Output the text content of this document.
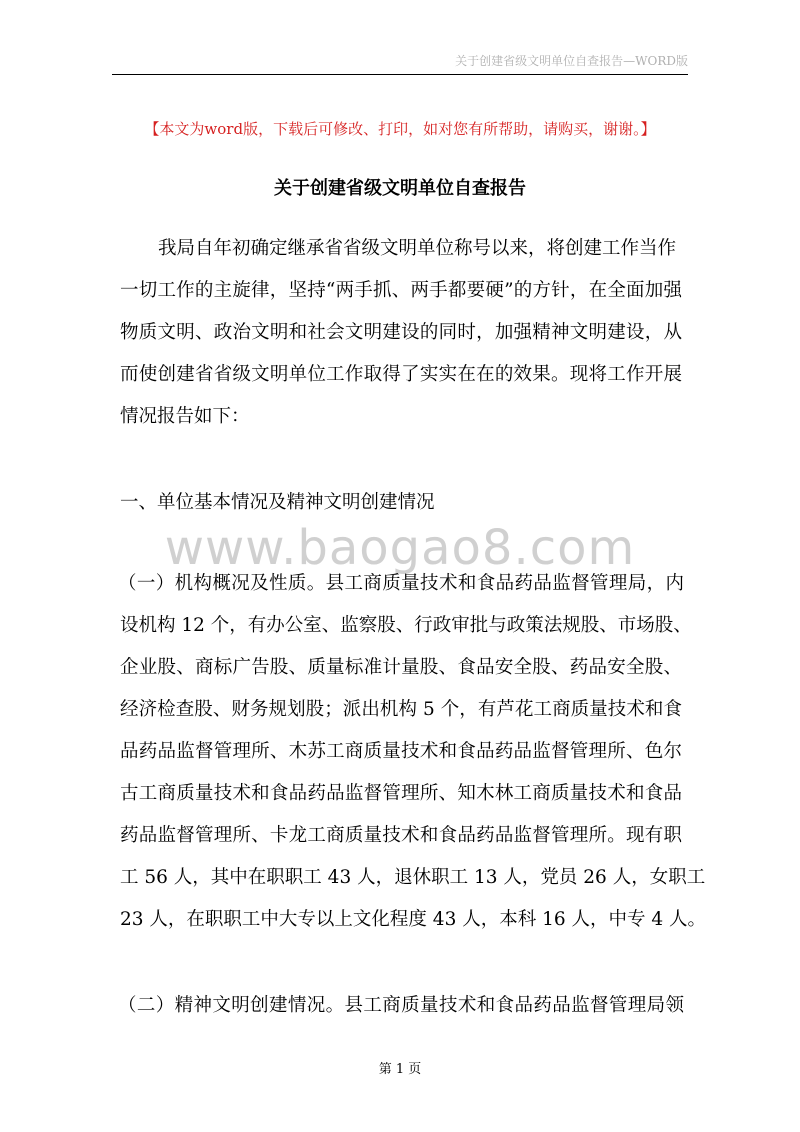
关于创建省级文明单位自查报告—WORD版
【本文为word版，下载后可修改、打印，如对您有所帮助，请购买，谢谢。】
关于创建省级文明单位自查报告
我局自年初确定继承省省级文明单位称号以来，将创建工作当作
一切工作的主旋律，坚持“两手抓、两手都要硬”的方针，在全面加强
物质文明、政治文明和社会文明建设的同时，加强精神文明建设，从
而使创建省省级文明单位工作取得了实实在在的效果。现将工作开展
情况报告如下：
一、单位基本情况及精神文明创建情况
www.baogao8.com
（一）机构概况及性质。县工商质量技术和食品药品监督管理局，内
设机构 12 个，有办公室、监察股、行政审批与政策法规股、市场股、
企业股、商标广告股、质量标准计量股、食品安全股、药品安全股、
经济检查股、财务规划股；派出机构 5 个，有芦花工商质量技术和食
品药品监督管理所、木苏工商质量技术和食品药品监督管理所、色尔
古工商质量技术和食品药品监督管理所、知木林工商质量技术和食品
药品监督管理所、卡龙工商质量技术和食品药品监督管理所。现有职
工 56 人，其中在职职工 43 人，退休职工 13 人，党员 26 人，女职工
23 人，在职职工中大专以上文化程度 43 人，本科 16 人，中专 4 人。
（二）精神文明创建情况。县工商质量技术和食品药品监督管理局领
第 1 页
